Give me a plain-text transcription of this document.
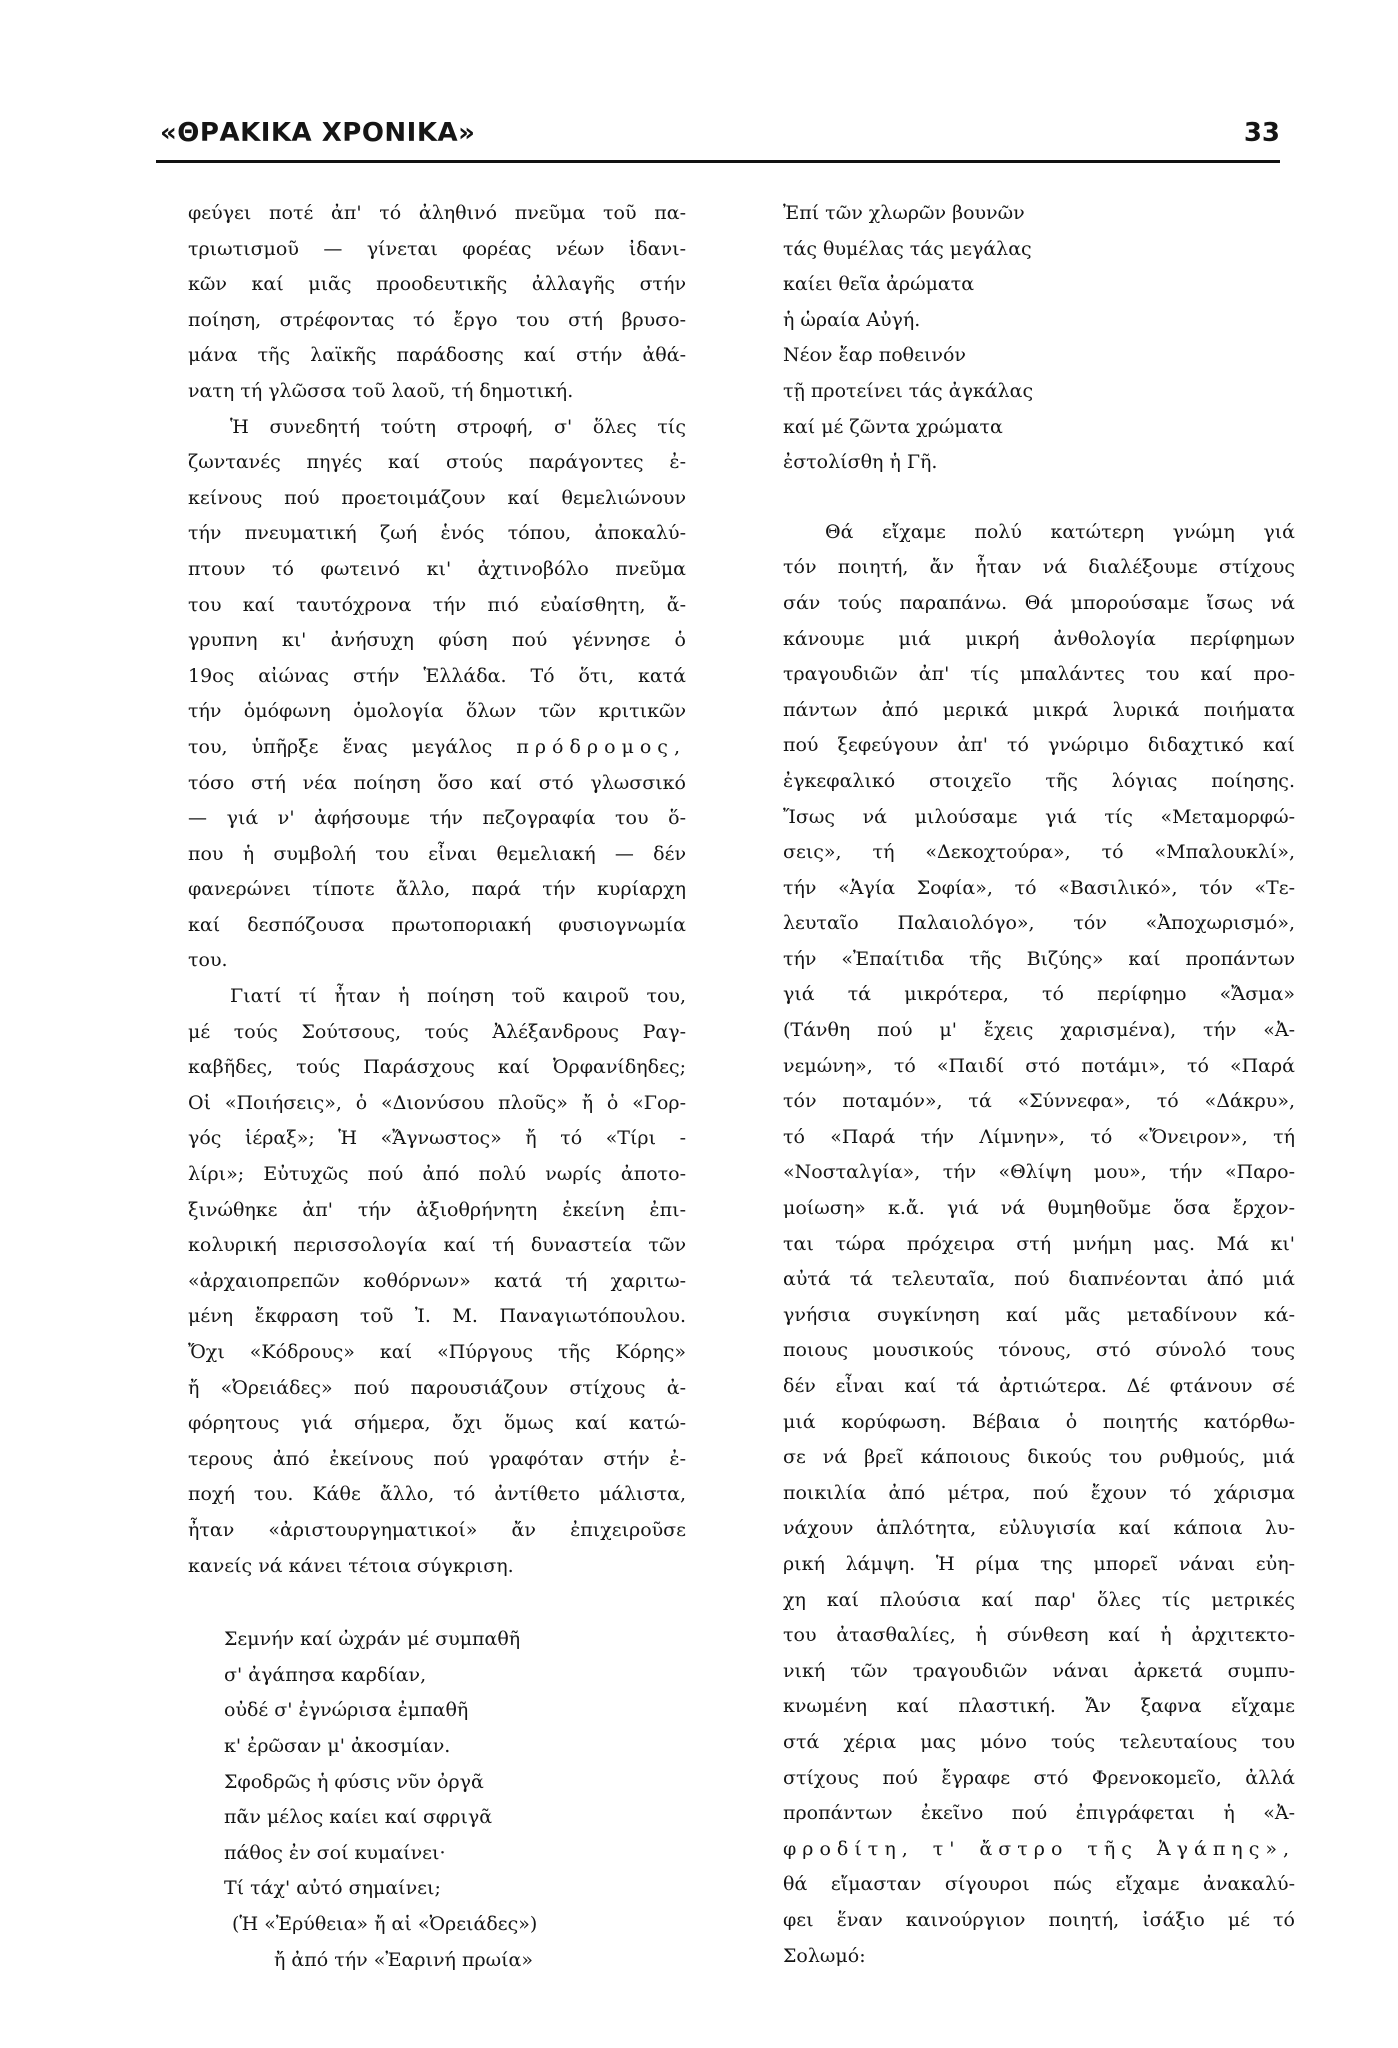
«ΘΡΑΚΙΚΑ ΧΡΟΝΙΚΑ»	33

φεύγει ποτέ ἀπ' τό ἀληθινό πνεῦμα τοῦ πα-
τριωτισμοῦ — γίνεται φορέας νέων ἰδανι-
κῶν καί μιᾶς προοδευτικῆς ἀλλαγῆς στήν
ποίηση, στρέφοντας τό ἔργο του στή βρυσο-
μάνα τῆς λαϊκῆς παράδοσης καί στήν ἀθά-
νατη τή γλῶσσα τοῦ λαοῦ, τή δημοτική.

Ἡ συνεδητή τούτη στροφή, σ' ὅλες τίς
ζωντανές πηγές καί στούς παράγοντες ἐ-
κείνους πού προετοιμάζουν καί θεμελιώνουν
τήν πνευματική ζωή ἑνός τόπου, ἀποκαλύ-
πτουν τό φωτεινό κι' ἀχτινοβόλο πνεῦμα
του καί ταυτόχρονα τήν πιό εὐαίσθητη, ἄ-
γρυπνη κι' ἀνήσυχη φύση πού γέννησε ὁ
19ος αἰώνας στήν Ἑλλάδα. Τό ὅτι, κατά
τήν ὁμόφωνη ὁμολογία ὅλων τῶν κριτικῶν
του, ὑπῆρξε ἕνας μεγάλος πρόδρομος,
τόσο στή νέα ποίηση ὅσο καί στό γλωσσικό
— γιά ν' ἀφήσουμε τήν πεζογραφία του ὅ-
που ἡ συμβολή του εἶναι θεμελιακή — δέν
φανερώνει τίποτε ἄλλο, παρά τήν κυρίαρχη
καί δεσπόζουσα πρωτοποριακή φυσιογνωμία
του.

Γιατί τί ἦταν ἡ ποίηση τοῦ καιροῦ του,
μέ τούς Σούτσους, τούς Ἀλέξανδρους Ραγ-
καβῆδες, τούς Παράσχους καί Ὀρφανίδηδες;
Οἱ «Ποιήσεις», ὁ «Διονύσου πλοῦς» ἤ ὁ «Γορ-
γός ἱέραξ»; Ἡ «Ἄγνωστος» ἤ τό «Τίρι -
λίρι»; Εὐτυχῶς πού ἀπό πολύ νωρίς ἀποτο-
ξινώθηκε ἀπ' τήν ἀξιοθρήνητη ἐκείνη ἐπι-
κολυρική περισσολογία καί τή δυναστεία τῶν
«ἀρχαιοπρεπῶν κοθόρνων» κατά τή χαριτω-
μένη ἔκφραση τοῦ Ἰ. Μ. Παναγιωτόπουλου.
Ὄχι «Κόδρους» καί «Πύργους τῆς Κόρης»
ἤ «Ὀρειάδες» πού παρουσιάζουν στίχους ἀ-
φόρητους γιά σήμερα, ὄχι ὅμως καί κατώ-
τερους ἀπό ἐκείνους πού γραφόταν στήν ἐ-
ποχή του. Κάθε ἄλλο, τό ἀντίθετο μάλιστα,
ἦταν «ἀριστουργηματικοί» ἄν ἐπιχειροῦσε
κανείς νά κάνει τέτοια σύγκριση.

Σεμνήν καί ὠχράν μέ συμπαθῆ
σ' ἀγάπησα καρδίαν,
οὐδέ σ' ἐγνώρισα ἐμπαθῆ
κ' ἐρῶσαν μ' ἀκοσμίαν.
Σφοδρῶς ἡ φύσις νῦν ὀργᾶ
πᾶν μέλος καίει καί σφριγᾶ
πάθος ἐν σοί κυμαίνει·
Τί τάχ' αὐτό σημαίνει;
(Ἡ «Ἐρύθεια» ἤ αἱ «Ὀρειάδες»)
ἤ ἀπό τήν «Ἐαρινή πρωία»
Ἐπί τῶν χλωρῶν βουνῶν
τάς θυμέλας τάς μεγάλας
καίει θεῖα ἀρώματα
ἡ ὡραία Αὐγή.
Νέον ἔαρ ποθεινόν
τῇ προτείνει τάς ἀγκάλας
καί μέ ζῶντα χρώματα
ἐστολίσθη ἡ Γῆ.

Θά εἴχαμε πολύ κατώτερη γνώμη γιά
τόν ποιητή, ἄν ἦταν νά διαλέξουμε στίχους
σάν τούς παραπάνω. Θά μπορούσαμε ἴσως νά
κάνουμε μιά μικρή ἀνθολογία περίφημων
τραγουδιῶν ἀπ' τίς μπαλάντες του καί προ-
πάντων ἀπό μερικά μικρά λυρικά ποιήματα
πού ξεφεύγουν ἀπ' τό γνώριμο διδαχτικό καί
ἐγκεφαλικό στοιχεῖο τῆς λόγιας ποίησης.
Ἴσως νά μιλούσαμε γιά τίς «Μεταμορφώ-
σεις», τή «Δεκοχτούρα», τό «Μπαλουκλί»,
τήν «Ἁγία Σοφία», τό «Βασιλικό», τόν «Τε-
λευταῖο Παλαιολόγο», τόν «Ἀποχωρισμό»,
τήν «Ἐπαίτιδα τῆς Βιζύης» καί προπάντων
γιά τά μικρότερα, τό περίφημο «Ἄσμα»
(Τάνθη πού μ' ἔχεις χαρισμένα), τήν «Ἀ-
νεμώνη», τό «Παιδί στό ποτάμι», τό «Παρά
τόν ποταμόν», τά «Σύννεφα», τό «Δάκρυ»,
τό «Παρά τήν Λίμνην», τό «Ὄνειρον», τή
«Νοσταλγία», τήν «Θλίψη μου», τήν «Παρο-
μοίωση» κ.ἄ. γιά νά θυμηθοῦμε ὅσα ἔρχον-
ται τώρα πρόχειρα στή μνήμη μας. Μά κι'
αὐτά τά τελευταῖα, πού διαπνέονται ἀπό μιά
γνήσια συγκίνηση καί μᾶς μεταδίνουν κά-
ποιους μουσικούς τόνους, στό σύνολό τους
δέν εἶναι καί τά ἀρτιώτερα. Δέ φτάνουν σέ
μιά κορύφωση. Βέβαια ὁ ποιητής κατόρθω-
σε νά βρεῖ κάποιους δικούς του ρυθμούς, μιά
ποικιλία ἀπό μέτρα, πού ἔχουν τό χάρισμα
νάχουν ἁπλότητα, εὐλυγισία καί κάποια λυ-
ρική λάμψη. Ἡ ρίμα της μπορεῖ νάναι εὐη-
χη καί πλούσια καί παρ' ὅλες τίς μετρικές
του ἀτασθαλίες, ἡ σύνθεση καί ἡ ἀρχιτεκτο-
νική τῶν τραγουδιῶν νάναι ἀρκετά συμπυ-
κνωμένη καί πλαστική. Ἄν ξαφνα εἴχαμε
στά χέρια μας μόνο τούς τελευταίους του
στίχους πού ἔγραφε στό Φρενοκομεῖο, ἀλλά
προπάντων ἐκεῖνο πού ἐπιγράφεται ἡ «Ἀ-
φροδίτη, τ' ἄστρο τῆς Ἀγάπης»,
θά εἴμασταν σίγουροι πώς εἴχαμε ἀνακαλύ-
φει ἕναν καινούργιον ποιητή, ἰσάξιο μέ τό
Σολωμό:
